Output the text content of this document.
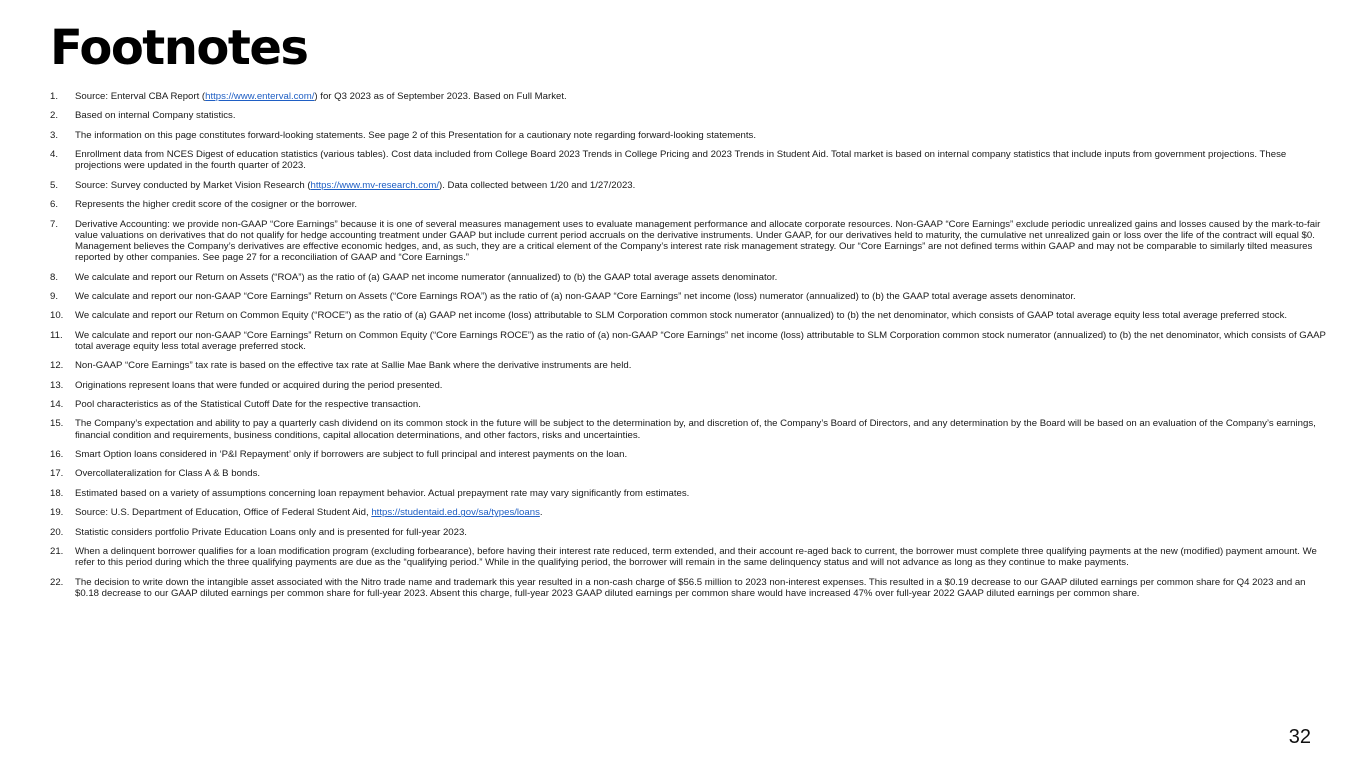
Footnotes
1.	Source: Enterval CBA Report (https://www.enterval.com/) for Q3 2023 as of September 2023. Based on Full Market.
2.	Based on internal Company statistics.
3.	The information on this page constitutes forward-looking statements. See page 2 of this Presentation for a cautionary note regarding forward-looking statements.
4.	Enrollment data from NCES Digest of education statistics (various tables). Cost data included from College Board 2023 Trends in College Pricing and 2023 Trends in Student Aid. Total market is based on internal company statistics that include inputs from government projections. These projections were updated in the fourth quarter of 2023.
5.	Source: Survey conducted by Market Vision Research (https://www.mv-research.com/). Data collected between 1/20 and 1/27/2023.
6.	Represents the higher credit score of the cosigner or the borrower.
7.	Derivative Accounting: we provide non-GAAP “Core Earnings” because it is one of several measures management uses to evaluate management performance and allocate corporate resources. Non-GAAP “Core Earnings” exclude periodic unrealized gains and losses caused by the mark-to-fair value valuations on derivatives that do not qualify for hedge accounting treatment under GAAP but include current period accruals on the derivative instruments. Under GAAP, for our derivatives held to maturity, the cumulative net unrealized gain or loss over the life of the contract will equal $0. Management believes the Company’s derivatives are effective economic hedges, and, as such, they are a critical element of the Company’s interest rate risk management strategy. Our “Core Earnings” are not defined terms within GAAP and may not be comparable to similarly tilted measures reported by other companies. See page 27 for a reconciliation of GAAP and “Core Earnings.”
8.	We calculate and report our Return on Assets (“ROA”) as the ratio of (a) GAAP net income numerator (annualized) to (b) the GAAP total average assets denominator.
9.	We calculate and report our non-GAAP “Core Earnings” Return on Assets (“Core Earnings ROA”) as the ratio of (a) non-GAAP “Core Earnings” net income (loss) numerator (annualized) to (b) the GAAP total average assets denominator.
10.	We calculate and report our Return on Common Equity (“ROCE”) as the ratio of (a) GAAP net income (loss) attributable to SLM Corporation common stock numerator (annualized) to (b) the net denominator, which consists of GAAP total average equity less total average preferred stock.
11.	We calculate and report our non-GAAP “Core Earnings” Return on Common Equity (“Core Earnings ROCE”) as the ratio of (a) non-GAAP “Core Earnings” net income (loss) attributable to SLM Corporation common stock numerator (annualized) to (b) the net denominator, which consists of GAAP total average equity less total average preferred stock.
12.	Non-GAAP “Core Earnings” tax rate is based on the effective tax rate at Sallie Mae Bank where the derivative instruments are held.
13.	Originations represent loans that were funded or acquired during the period presented.
14.	Pool characteristics as of the Statistical Cutoff Date for the respective transaction.
15.	The Company’s expectation and ability to pay a quarterly cash dividend on its common stock in the future will be subject to the determination by, and discretion of, the Company’s Board of Directors, and any determination by the Board will be based on an evaluation of the Company’s earnings, financial condition and requirements, business conditions, capital allocation determinations, and other factors, risks and uncertainties.
16.	Smart Option loans considered in ‘P&I Repayment’ only if borrowers are subject to full principal and interest payments on the loan.
17.	Overcollateralization for Class A & B bonds.
18.	Estimated based on a variety of assumptions concerning loan repayment behavior. Actual prepayment rate may vary significantly from estimates.
19.	Source: U.S. Department of Education, Office of Federal Student Aid, https://studentaid.ed.gov/sa/types/loans.
20.	Statistic considers portfolio Private Education Loans only and is presented for full-year 2023.
21.	When a delinquent borrower qualifies for a loan modification program (excluding forbearance), before having their interest rate reduced, term extended, and their account re-aged back to current, the borrower must complete three qualifying payments at the new (modified) payment amount. We refer to this period during which the three qualifying payments are due as the “qualifying period.” While in the qualifying period, the borrower will remain in the same delinquency status and will not advance as long as they continue to make payments.
22.	The decision to write down the intangible asset associated with the Nitro trade name and trademark this year resulted in a non-cash charge of $56.5 million to 2023 non-interest expenses. This resulted in a $0.19 decrease to our GAAP diluted earnings per common share for Q4 2023 and an $0.18 decrease to our GAAP diluted earnings per common share for full-year 2023. Absent this charge, full-year 2023 GAAP diluted earnings per common share would have increased 47% over full-year 2022 GAAP diluted earnings per common share.
32
